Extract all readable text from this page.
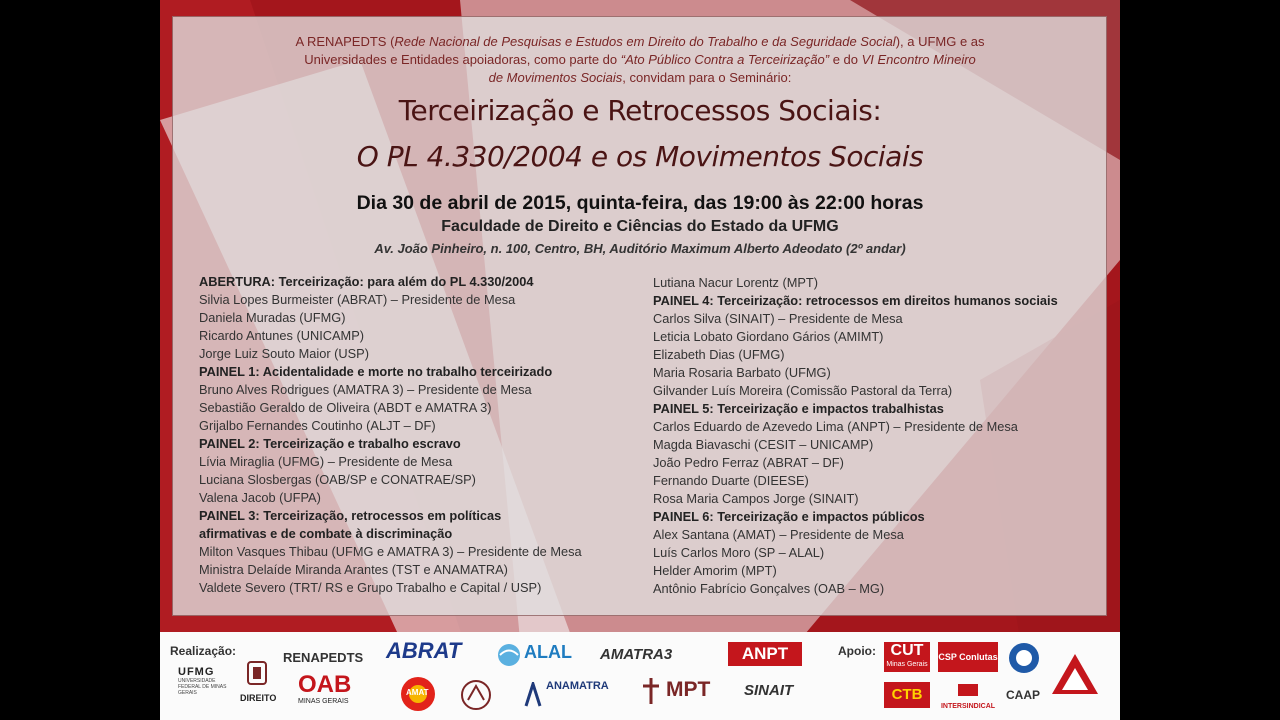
A RENAPEDTS (Rede Nacional de Pesquisas e Estudos em Direito do Trabalho e da Seguridade Social), a UFMG e as
Universidades e Entidades apoiadoras, como parte do “Ato Público Contra a Terceirização” e do VI Encontro Mineiro
de Movimentos Sociais, convidam para o Seminário:
Terceirização e Retrocessos Sociais:
O PL 4.330/2004 e os Movimentos Sociais
Dia 30 de abril de 2015, quinta-feira, das 19:00 às 22:00 horas
Faculdade de Direito e Ciências do Estado da UFMG
Av. João Pinheiro, n. 100, Centro, BH, Auditório Maximum Alberto Adeodato (2º andar)
ABERTURA: Terceirização: para além do PL 4.330/2004
Silvia Lopes Burmeister (ABRAT) – Presidente de Mesa
Daniela Muradas (UFMG)
Ricardo Antunes (UNICAMP)
Jorge Luiz Souto Maior (USP)
PAINEL 1: Acidentalidade e morte no trabalho terceirizado
Bruno Alves Rodrigues (AMATRA 3) – Presidente de Mesa
Sebastião Geraldo de Oliveira (ABDT e AMATRA 3)
Grijalbo Fernandes Coutinho (ALJT – DF)
PAINEL 2: Terceirização e trabalho escravo
Lívia Miraglia (UFMG) – Presidente de Mesa
Luciana Slosbergas (OAB/SP e CONATRAE/SP)
Valena Jacob (UFPA)
PAINEL 3: Terceirização, retrocessos em políticas
afirmativas e de combate à discriminação
Milton Vasques Thibau (UFMG e AMATRA 3) – Presidente de Mesa
Ministra Delaíde Miranda Arantes (TST e ANAMATRA)
Valdete Severo (TRT/ RS e Grupo Trabalho e Capital / USP)
Lutiana Nacur Lorentz (MPT)
PAINEL 4: Terceirização: retrocessos em direitos humanos sociais
Carlos Silva (SINAIT) – Presidente de Mesa
Leticia Lobato Giordano Gários (AMIMT)
Elizabeth Dias (UFMG)
Maria Rosaria Barbato (UFMG)
Gilvander Luís Moreira (Comissão Pastoral da Terra)
PAINEL 5: Terceirização e impactos trabalhistas
Carlos Eduardo de Azevedo Lima (ANPT) – Presidente de Mesa
Magda Biavaschi (CESIT – UNICAMP)
João Pedro Ferraz (ABRAT – DF)
Fernando Duarte (DIEESE)
Rosa Maria Campos Jorge (SINAIT)
PAINEL 6: Terceirização e impactos públicos
Alex Santana (AMAT) – Presidente de Mesa
Luís Carlos Moro (SP – ALAL)
Helder Amorim (MPT)
Antônio Fabrício Gonçalves (OAB – MG)
Realização:	Apoio:
UFMG
UNIVERSIDADE FEDERAL DE MINAS GERAIS	DIREITO
RENAPEDTS ABRAT	ALAL AMATRA3	ANPT
OAB
MINAS GERAIS
AMAT
ANAMATRA	MPT SINAIT
CUT
Minas Gerais
CSP Conlutas
CTB
INTERSINDICAL
CAAP
